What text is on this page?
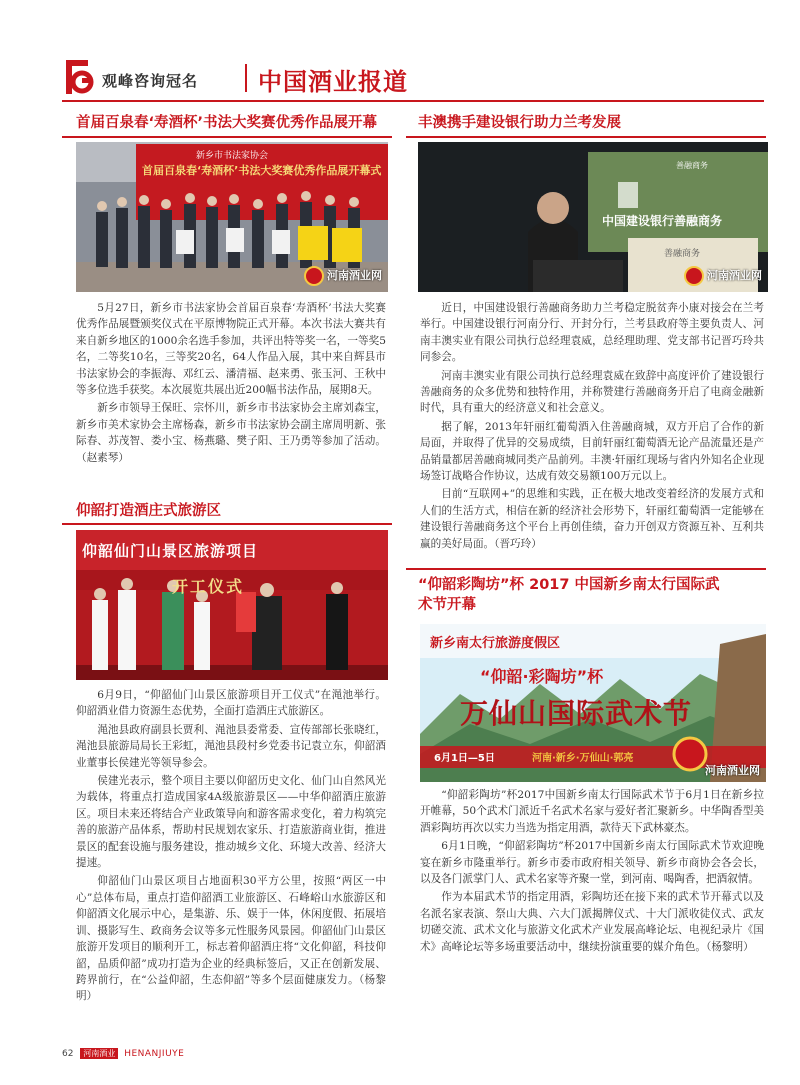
观峰咨询冠名 中国酒业报道
首届百泉春‘寿酒杯’书法大奖赛优秀作品展开幕
新乡市书法家协会
首届百泉春‘寿酒杯’书法大奖赛优秀作品展开幕式
河南酒业网

5月27日，新乡市书法家协会首届百泉春‘寿酒杯’书法大奖赛优秀作品展暨颁奖仪式在平原博物院正式开幕。本次书法大赛共有来自新乡地区的1000余名选手参加，共评出特等奖一名，一等奖5名，二等奖10名，三等奖20名，64人作品入展，其中来自辉县市书法家协会的李振海、邓红云、潘清福、赵来勇、张玉河、王秋中等多位选手获奖。本次展览共展出近200幅书法作品，展期8天。

新乡市领导王保旺、宗怀川，新乡市书法家协会主席刘森宝，新乡市美术家协会主席杨森，新乡市书法家协会副主席周明新、张际春、苏茂智、娄小宝、杨燕璐、樊子阳、王乃勇等参加了活动。（赵素琴）

仰韶打造酒庄式旅游区
仰韶仙门山景区旅游项目
开工仪式

6月9日，“仰韶仙门山景区旅游项目开工仪式”在渑池举行。仰韶酒业借力资源生态优势，全面打造酒庄式旅游区。

渑池县政府副县长贾利、渑池县委常委、宣传部部长张晓红，渑池县旅游局局长王彩虹，渑池县段村乡党委书记袁立东，仰韶酒业董事长侯建光等领导参会。

侯建光表示，整个项目主要以仰韶历史文化、仙门山自然风光为载体，将重点打造成国家4A级旅游景区——中华仰韶酒庄旅游区。项目未来还将结合产业政策导向和游客需求变化，着力构筑完善的旅游产品体系，帮助村民规划农家乐、打造旅游商业街，推进景区的配套设施与服务建设，推动城乡文化、环境大改善、经济大提速。

仰韶仙门山景区项目占地面积30平方公里，按照“两区一中心”总体布局，重点打造仰韶酒工业旅游区、石峰峪山水旅游区和仰韶酒文化展示中心，是集游、乐、娱于一体，休闲度假、拓展培训、摄影写生、政商务会议等多元性服务风景园。仰韶仙门山景区旅游开发项目的顺利开工，标志着仰韶酒庄将“文化仰韶，科技仰韶，品质仰韶”成功打造为企业的经典标签后，又正在创新发展、跨界前行，在“公益仰韶，生态仰韶”等多个层面健康发力。（杨黎明）

丰澳携手建设银行助力兰考发展
善融商务
中国建设银行善融商务
善融商务
河南酒业网

近日，中国建设银行善融商务助力兰考稳定脱贫奔小康对接会在兰考举行。中国建设银行河南分行、开封分行，兰考县政府等主要负责人、河南丰澳实业有限公司执行总经理袁威，总经理助理、党支部书记晋巧玲共同参会。

河南丰澳实业有限公司执行总经理袁威在致辞中高度评价了建设银行善融商务的众多优势和独特作用，并称赞建行善融商务开启了电商金融新时代，具有重大的经济意义和社会意义。

据了解，2013年轩丽红葡萄酒入住善融商城，双方开启了合作的新局面，并取得了优异的交易成绩，目前轩丽红葡萄酒无论产品流量还是产品销量都居善融商城同类产品前列。丰澳·轩丽红现场与省内外知名企业现场签订战略合作协议，达成有效交易额100万元以上。

目前“互联网+”的思维和实践，正在极大地改变着经济的发展方式和人们的生活方式，相信在新的经济社会形势下，轩丽红葡萄酒一定能够在建设银行善融商务这个平台上再创佳绩，奋力开创双方资源互补、互利共赢的美好局面。（晋巧玲）

“仰韶彩陶坊”杯 2017 中国新乡南太行国际武
术节开幕
新乡南太行旅游度假区
“仰韶·彩陶坊”杯
万仙山国际武术节
6月1日—5日	河南·新乡·万仙山·郭亮
河南酒业网

“仰韶彩陶坊”杯2017中国新乡南太行国际武术节于6月1日在新乡拉开帷幕，50个武术门派近千名武术名家与爱好者汇聚新乡。中华陶香型美酒彩陶坊再次以实力当选为指定用酒，款待天下武林豪杰。

6月1日晚，“仰韶彩陶坊”杯2017中国新乡南太行国际武术节欢迎晚宴在新乡市隆重举行。新乡市委市政府相关领导、新乡市商协会各会长，以及各门派掌门人、武术名家等齐聚一堂，到河南、喝陶香，把酒叙情。

作为本届武术节的指定用酒，彩陶坊还在接下来的武术节开幕式以及名派名家表演、祭山大典、六大门派揭牌仪式、十大门派收徒仪式、武友切磋交流、武术文化与旅游文化武术产业发展高峰论坛、电视纪录片《国术》高峰论坛等多场重要活动中，继续扮演重要的媒介角色。（杨黎明）

62 河南酒业 HENANJIUYE
